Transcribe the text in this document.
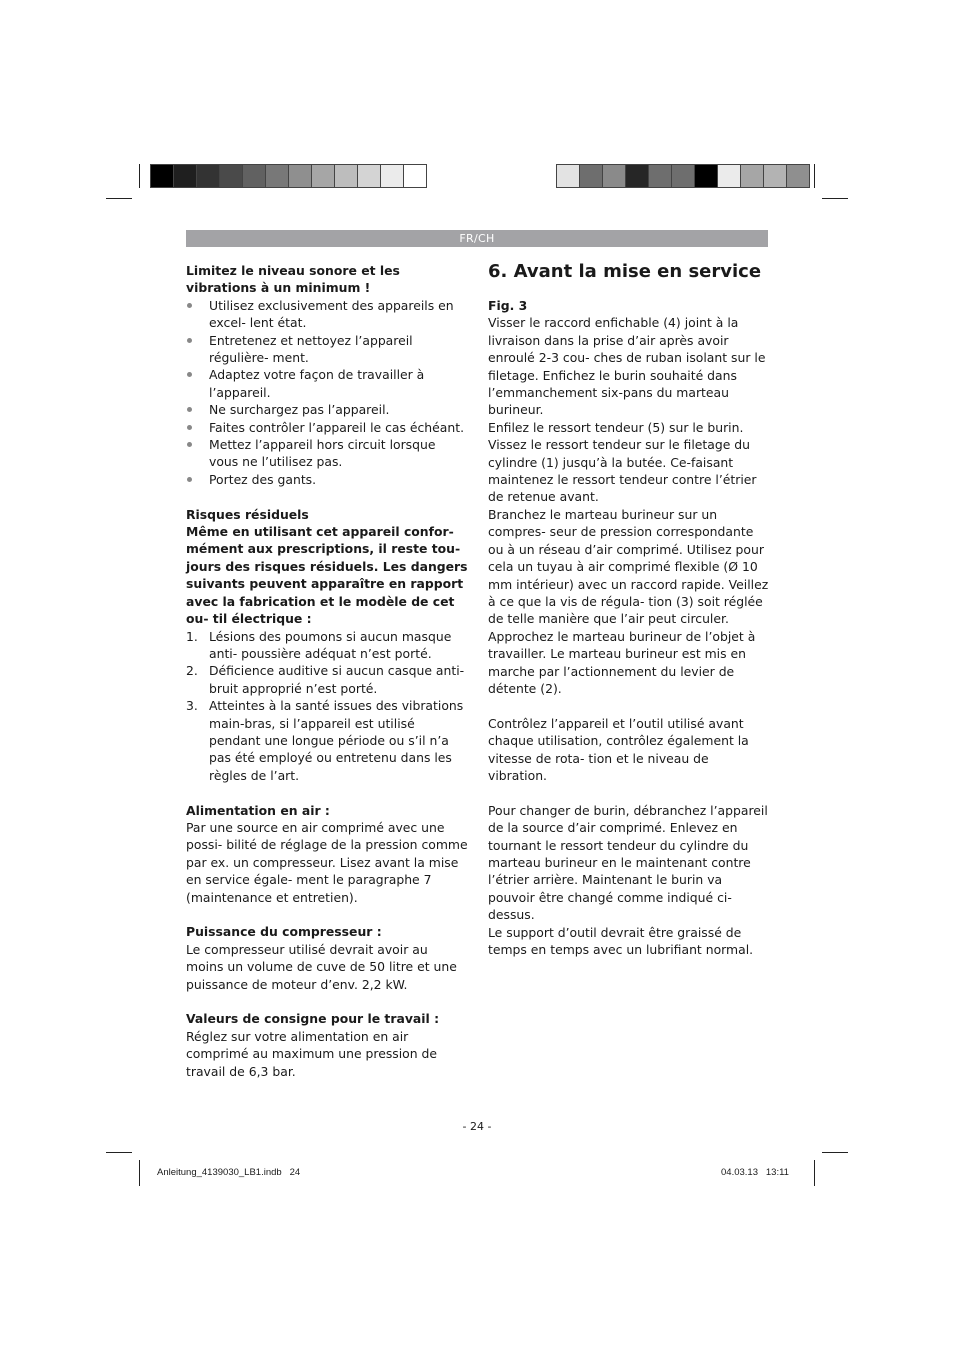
FR/CH

Limitez le niveau sonore et les vibrations à un minimum !

Utilisez exclusivement des appareils en excel- lent état.
Entretenez et nettoyez l’appareil régulière- ment.
Adaptez votre façon de travailler à l’appareil.
Ne surchargez pas l’appareil.
Faites contrôler l’appareil le cas échéant.
Mettez l’appareil hors circuit lorsque vous ne l’utilisez pas.
Portez des gants.

Risques résiduels

Même en utilisant cet appareil confor- mément aux prescriptions, il reste tou- jours des risques résiduels. Les dangers suivants peuvent apparaître en rapport avec la fabrication et le modèle de cet ou- til électrique :

1. Lésions des poumons si aucun masque anti- poussière adéquat n’est porté.
2. Déficience auditive si aucun casque anti-bruit approprié n’est porté.
3. Atteintes à la santé issues des vibrations main-bras, si l’appareil est utilisé pendant une longue période ou s’il n’a pas été employé ou entretenu dans les règles de l’art.

Alimentation en air :

Par une source en air comprimé avec une possi- bilité de réglage de la pression comme par ex. un compresseur. Lisez avant la mise en service égale- ment le paragraphe 7 (maintenance et entretien).

Puissance du compresseur :

Le compresseur utilisé devrait avoir au moins un volume de cuve de 50 litre et une puissance de moteur d’env. 2,2 kW.

Valeurs de consigne pour le travail :

Réglez sur votre alimentation en air comprimé au maximum une pression de travail de 6,3 bar.

6. Avant la mise en service

Fig. 3

Visser le raccord enfichable (4) joint à la livraison dans la prise d’air après avoir enroulé 2-3 cou- ches de ruban isolant sur le filetage. Enfichez le burin souhaité dans l’emmanchement six-pans du marteau burineur.

Enfilez le ressort tendeur (5) sur le burin. Vissez le ressort tendeur sur le filetage du cylindre (1) jusqu’à la butée. Ce-faisant maintenez le ressort tendeur contre l’étrier de retenue avant.

Branchez le marteau burineur sur un compres- seur de pression correspondante ou à un réseau d’air comprimé. Utilisez pour cela un tuyau à air comprimé flexible (Ø 10 mm intérieur) avec un raccord rapide. Veillez à ce que la vis de régula- tion (3) soit réglée de telle manière que l’air peut circuler. Approchez le marteau burineur de l’objet à travailler. Le marteau burineur est mis en marche par l’actionnement du levier de détente (2).

Contrôlez l’appareil et l’outil utilisé avant chaque utilisation, contrôlez également la vitesse de rota- tion et le niveau de vibration.

Pour changer de burin, débranchez l’appareil de la source d’air comprimé. Enlevez en tournant le ressort tendeur du cylindre du marteau burineur en le maintenant contre l’étrier arrière. Maintenant le burin va pouvoir être changé comme indiqué ci-dessus.

Le support d’outil devrait être graissé de temps en temps avec un lubrifiant normal.

- 24 -
Anleitung_4139030_LB1.indb   24	04.03.13   13:11
